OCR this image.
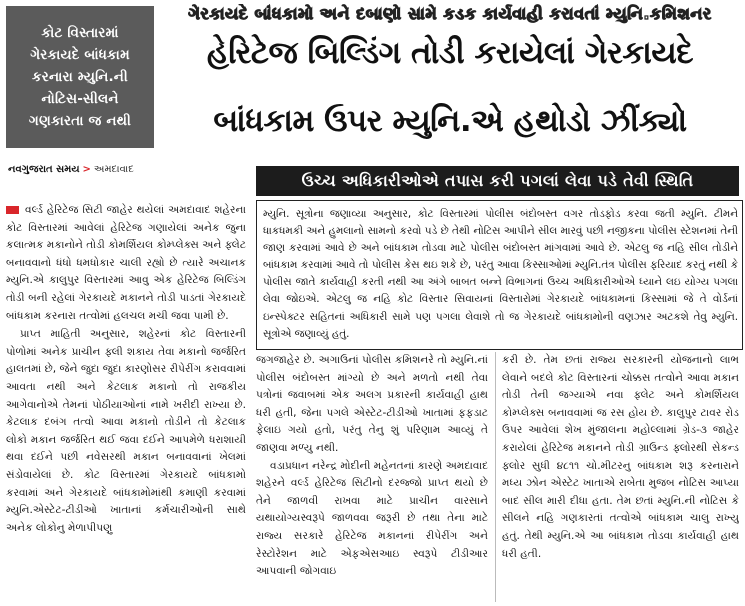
કોટ વિસ્તારમાં
ગેરકાયદે બાંધકામ
કરનારા મ્યુનિ.ની
નોટિસ-સીલને
ગણકારતા જ નથી
ગેરકાયદે બાંધકામો અને દબાણો સામે કડક કાર્યવાહી કરાવતાં મ્યુનિ.કમિશનર
હેરિટેજ બિલ્ડિંગ તોડી કરાયેલાં ગેરકાયદે
બાંધકામ ઉપર મ્યુનિ.એ હથોડો ઝીંક્યો
નવગુજરાત સમય > અમદાવાદ
ઉચ્ચ અધિકારીઓએ તપાસ કરી પગલાં લેવા પડે તેવી સ્થિતિ

વર્લ્ડ હેરિટેજ સિટી જાહેર થયેલાં અમદાવાદ શહેરના કોટ વિસ્તારમાં આવેલાં હેરિટેજ ગણાયેલાં અનેક જુના કલાત્મક મકાનોને તોડી કોમર્શિયલ કોમ્પ્લેક્સ અને ફ્લેટ બનાવવાનો ધંધો ધમધોકાર ચાલી રહ્યો છે ત્યારે અચાનક મ્યુનિ.એ કાલુપુર વિસ્તારમાં આવુ એક હેરિટેજ બિલ્ડિંગ તોડી બની રહેલાં ગેરકાયદે મકાનને તોડી પાડતાં ગેરકાયદે બાંધકામ કરનારા તત્વોમાં હલચલ મચી જવા પામી છે.

પ્રાપ્ત માહિતી અનુસાર, શહેરનાં કોટ વિસ્તારની પોળોમાં અનેક પ્રાચીન ફ્લી શકાય તેવા મકાનો જર્જરિત હાલતમાં છે, જેને જુદા જુદા કારણોસર રીપેરીંગ કરાવવામાં આવતા નથી અને કેટલાક મકાનો તો રાજકીય આગેવાનોએ તેમનાં પોઠીયાઓનાં નામે ખરીદી રાખ્યા છે. કેટલાક દબંગ તત્વો આવા મકાનો તોડીને તો કેટલાક લોકો મકાન જર્જરિત થઈ જવા દઈને આપમેળે ધરાશાયી થવા દઈને પછી નવેસરથી મકાન બનાવવાનાં ખેલમાં સંડોવાયેલાં છે. કોટ વિસ્તારમાં ગેરકાયદે બાંધકામો કરવામાં અને ગેરકાયદે બાંધકામોમાંથી કમાણી કરવામાં મ્યુનિ.એસ્ટેટ-ટીડીઓ ખાતાનાં કર્મચારીઓની સાથે અનેક લોકોનુ મેળાપીપણુ

મ્યુનિ. સૂત્રોના જણાવ્યા અનુસાર, કોટ વિસ્તારમાં પોલીસ બંદોબસ્ત વગર તોડફોડ કરવા જતી મ્યુનિ. ટીમને ધાકધમકી અને હુમલાનો સામનો કરવો પડે છે તેથી નોટિસ આપીને સીલ મારવું પછી નજીકના પોલીસ સ્ટેશનમાં તેની જાણ કરવામાં આવે છે અને બાંધકામ તોડવા માટે પોલીસ બંદોબસ્ત માંગવામાં આવે છે. એટલુ જ નહિ સીલ તોડીને બાંધકામ કરવામાં આવે તો પોલીસ કેસ થઇ શકે છે, પરંતુ આવા કિસ્સાઓમાં મ્યુનિ.તંત્ર પોલીસ ફરિયાદ કરતું નથી કે પોલીસ જાતે કાર્યવાહી કરતી નથી આ અંગે બાબત બન્ને વિભાગનાં ઉચ્ચ અધિકારીઓએ ધ્યાને લઇ યોગ્ય પગલા લેવા જોઇએ. એટલુ જ નહિ કોટ વિસ્તાર સિવાયનાં વિસ્તારોમાં ગેરકાયદે બાંધકામનાં કિસ્સામાં જે તે વોર્ડનાં ઇન્સ્પેક્ટર સહિતનાં અધિકારી સામે પણ પગલા લેવાશે તો જ ગેરકાયદે બાંધકામોની વણઝાર અટકશે તેવુ મ્યુનિ. સૂત્રોએ જણાવ્યું હતું.

જગજાહેર છે. અગાઉનાં પોલીસ કમિશનરે તો મ્યુનિ.નાં પોલીસ બંદોબસ્ત માંગ્યો છે અને મળતો નથી તેવા પત્રોનાં જવાબમાં એક અલગ પ્રકારની કાર્યવાહી હાથ ધરી હતી, જેના પગલે એસ્ટેટ-ટીડીઓ ખાતામાં ફફડાટ ફેલાઇ ગયો હતો, પરંતુ તેનુ શું પરિણામ આવ્યું તે જાણવા મળ્યુ નથી.

વડાપ્રધાન નરેન્દ્ર મોદીની મહેનતનાં કારણે અમદાવાદ શહેરને વર્લ્ડ હેરિટેજ સિટીનો દરજ્જો પ્રાપ્ત થયો છે તેને જાળવી રાખવા માટે પ્રાચીન વારસાને યથાયોગ્યસ્વરૂપે જાળવવા જરૂરી છે તથા તેના માટે રાજ્ય સરકારે હેરિટેજ મકાનનાં રીપેરીંગ અને રેસ્ટોરેશન માટે એફએસઆઇ સ્વરૂપે ટીડીઆર આપવાની જોગવાઇ

કરી છે. તેમ છતાં રાજ્ય સરકારની યોજનાનો લાભ લેવાને બદલે કોટ વિસ્તારનાં ચોક્કસ તત્વોને આવા મકાન તોડી તેની જગ્યાએ નવા ફ્લેટ અને કોમર્શિયલ કોમ્પ્લેક્સ બનાવવામાં જ રસ હોય છે. કાલુપુર ટાવર રોડ ઉપર આવેલાં શેખ મુંજાલના મહોલ્લામાં ગ્રેડ-૩ જાહેર કરાયેલાં હેરિટેજ મકાનને તોડી ગ્રાઉન્ડ ફ્લોરથી સેકન્ડ ફ્લોર સુધી ૪૮૧૧ ચો.મીટરનુ બાંધકામ શરૂ કરનારાને મધ્ય ઝોન એસ્ટેટ ખાતાએ રાબેતા મુજબ નોટિસ આપ્યા બાદ સીલ મારી દીધા હતા. તેમ છતાં મ્યુનિ.ની નોટિસ કે સીલને નહિ ગણકારતાં તત્વોએ બાંધકામ ચાલુ રાખ્યુ હતું. તેથી મ્યુનિ.એ આ બાંધકામ તોડવા કાર્યવાહી હાથ ધરી હતી.
